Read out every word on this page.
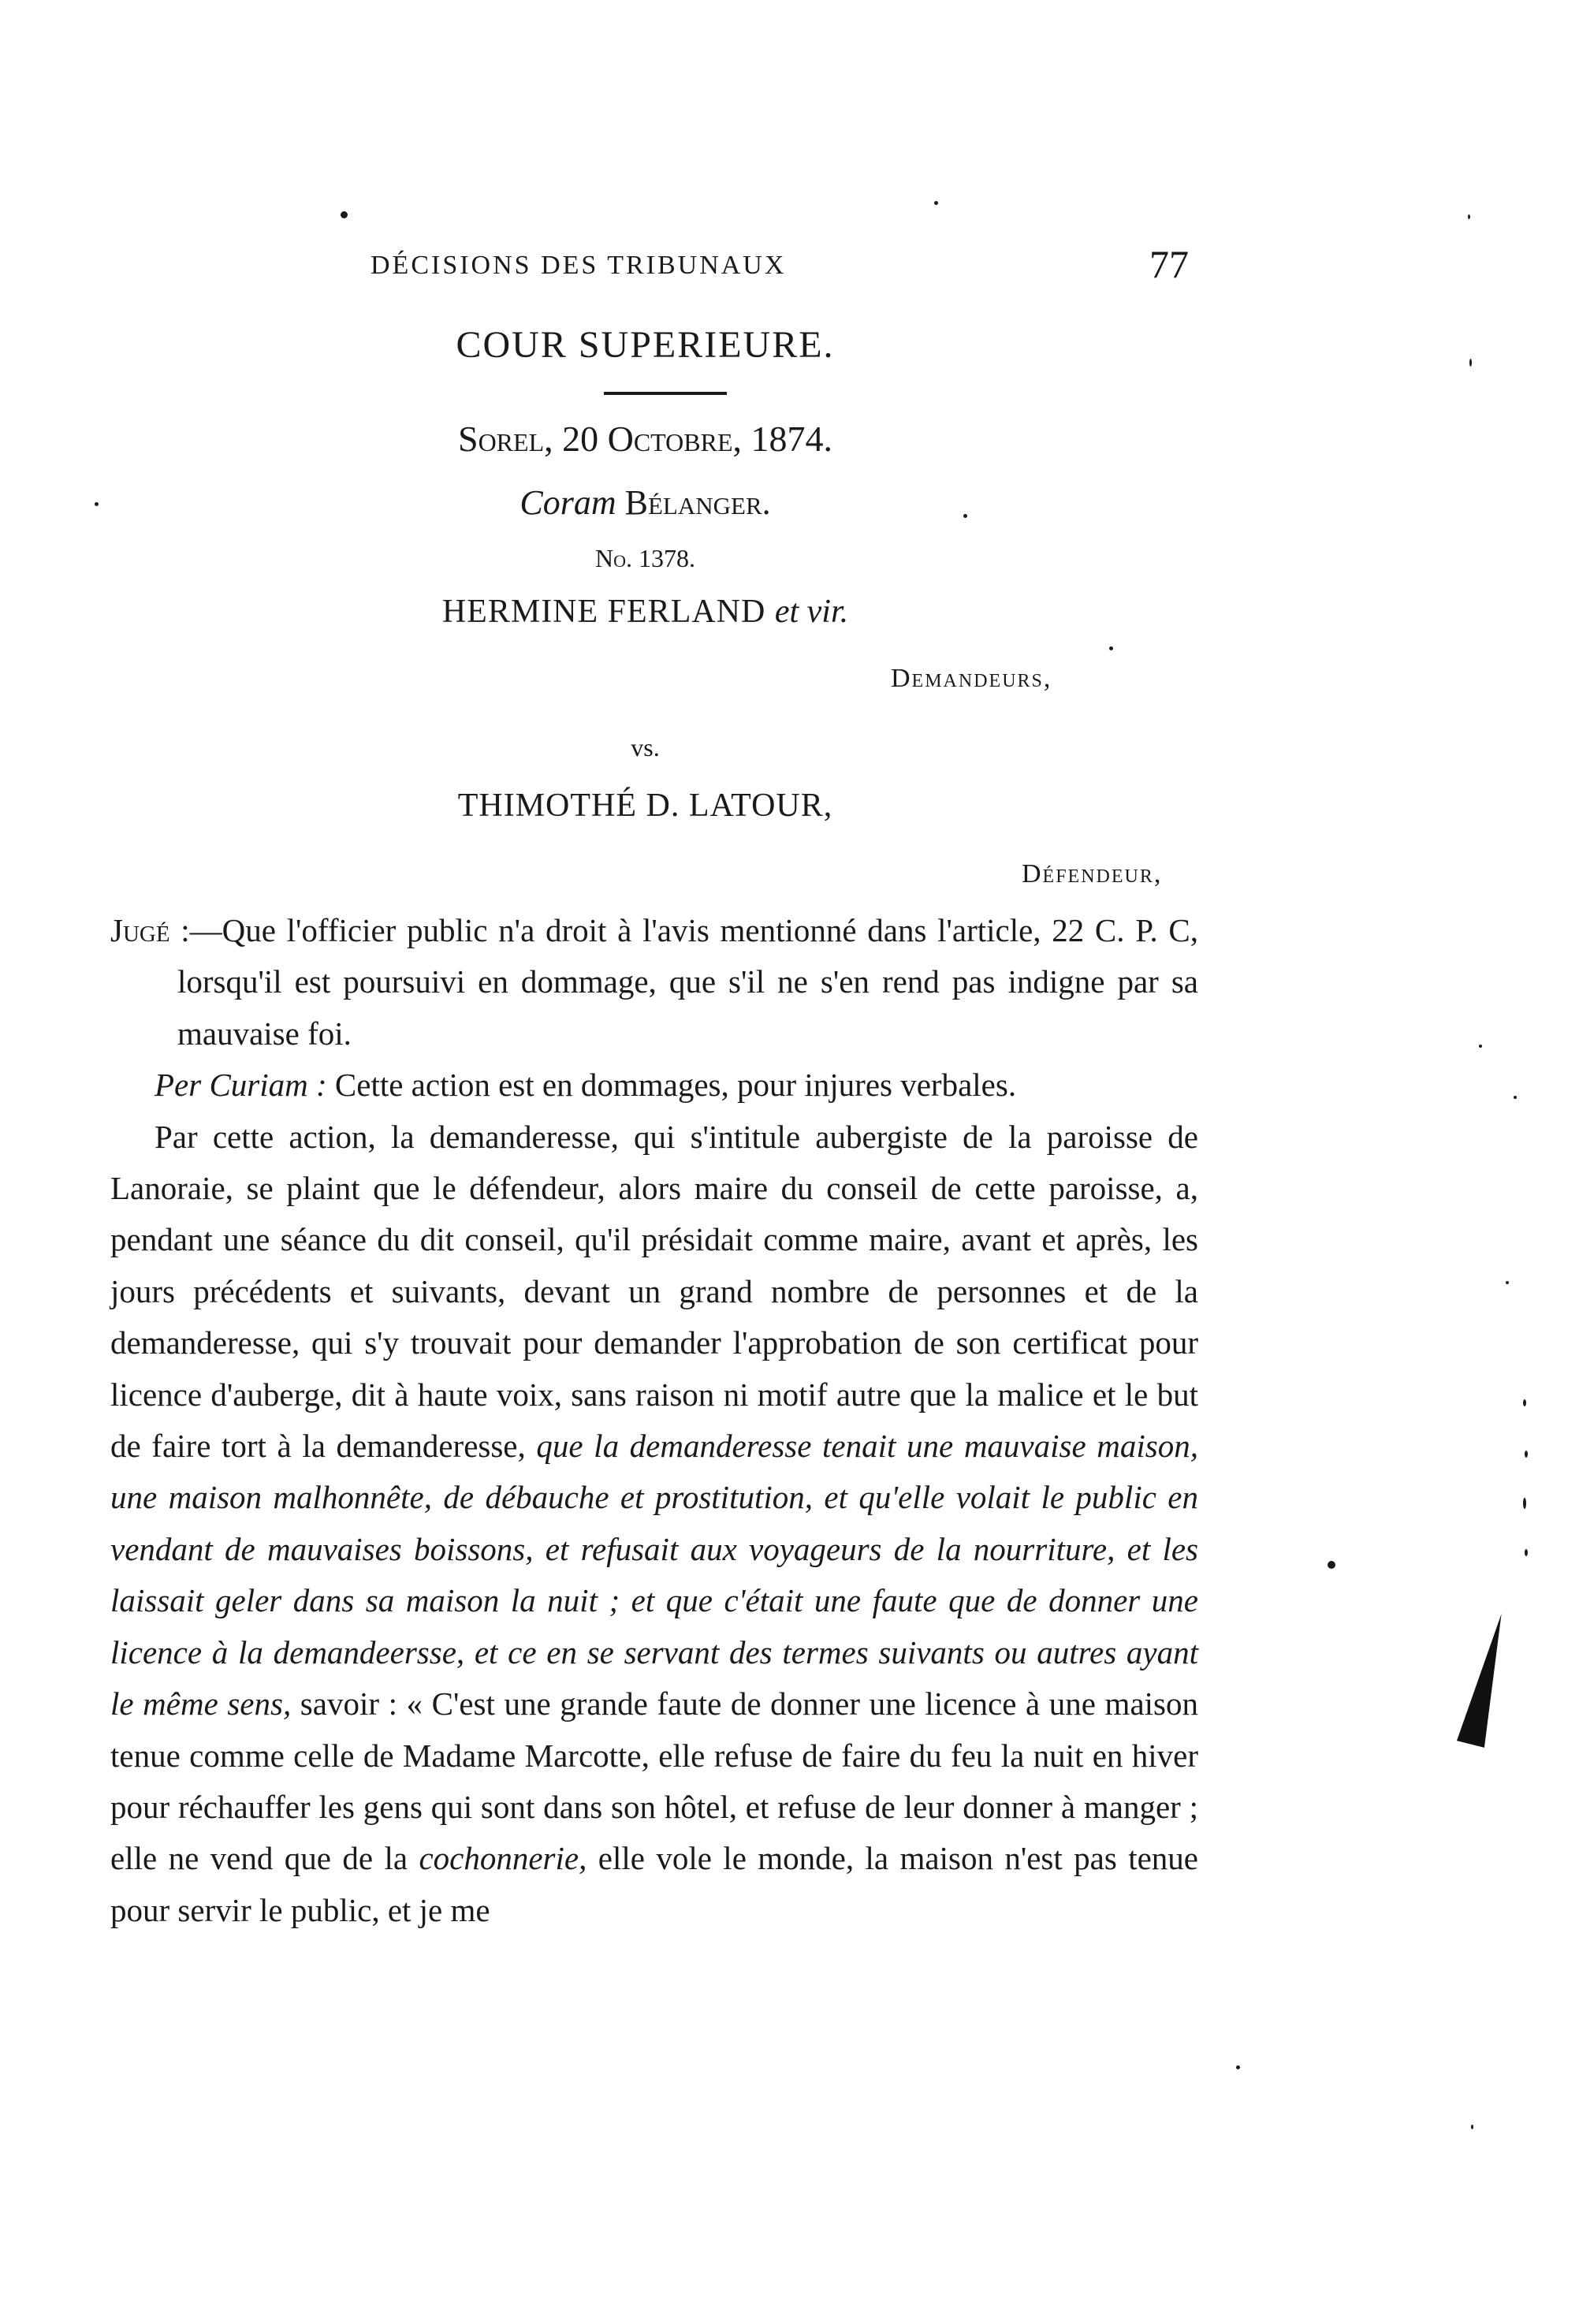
DÉCISIONS DES TRIBUNAUX	77
COUR SUPERIEURE.
Sorel, 20 Octobre, 1874.
Coram Bélanger.
No. 1378.
HERMINE FERLAND et vir.
Demandeurs,
vs.
THIMOTHÉ D. LATOUR,
Défendeur,

Jugé :—Que l'officier public n'a droit à l'avis mentionné dans l'article, 22 C. P. C, lorsqu'il est poursuivi en dommage, que s'il ne s'en rend pas indigne par sa mauvaise foi.

Per Curiam : Cette action est en dommages, pour injures verbales.

Par cette action, la demanderesse, qui s'intitule aubergiste de la paroisse de Lanoraie, se plaint que le défendeur, alors maire du conseil de cette paroisse, a, pendant une séance du dit conseil, qu'il présidait comme maire, avant et après, les jours précédents et suivants, devant un grand nombre de personnes et de la demanderesse, qui s'y trouvait pour demander l'approbation de son certificat pour licence d'auberge, dit à haute voix, sans raison ni motif autre que la malice et le but de faire tort à la demanderesse, que la demanderesse tenait une mauvaise maison, une maison malhonnête, de débauche et prostitution, et qu'elle volait le public en vendant de mauvaises boissons, et refusait aux voyageurs de la nourriture, et les laissait geler dans sa maison la nuit ; et que c'était une faute que de donner une licence à la demandeersse, et ce en se servant des termes suivants ou autres ayant le même sens, savoir : « C'est une grande faute de donner une licence à une maison tenue comme celle de Madame Marcotte, elle refuse de faire du feu la nuit en hiver pour réchauffer les gens qui sont dans son hôtel, et refuse de leur donner à manger ; elle ne vend que de la cochonnerie, elle vole le monde, la maison n'est pas tenue pour servir le public, et je me
